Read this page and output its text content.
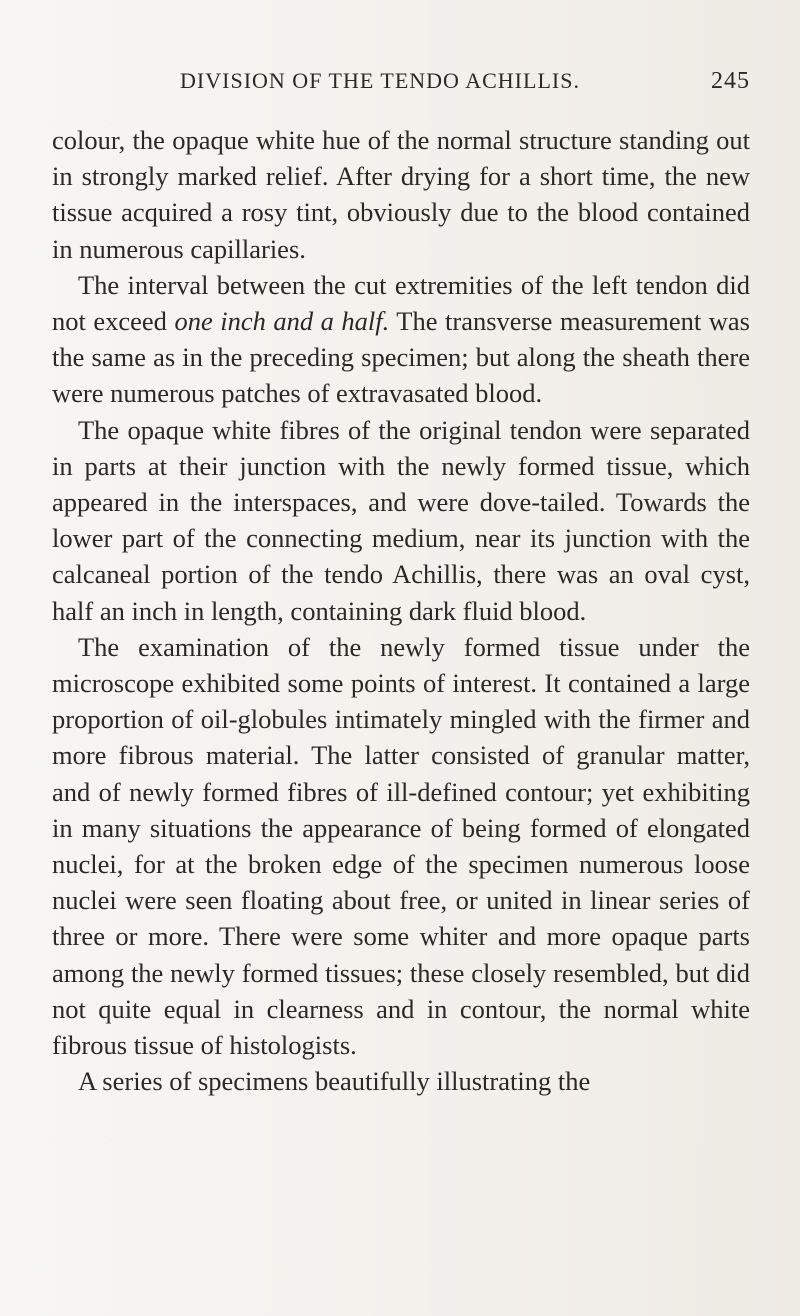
DIVISION OF THE TENDO ACHILLIS.	245

colour, the opaque white hue of the normal structure standing out in strongly marked relief. After drying for a short time, the new tissue acquired a rosy tint, obviously due to the blood contained in numerous capillaries.

The interval between the cut extremities of the left tendon did not exceed one inch and a half. The transverse measurement was the same as in the preceding specimen; but along the sheath there were numerous patches of extravasated blood.

The opaque white fibres of the original tendon were separated in parts at their junction with the newly formed tissue, which appeared in the interspaces, and were dove-tailed. Towards the lower part of the connecting medium, near its junction with the calcaneal portion of the tendo Achillis, there was an oval cyst, half an inch in length, containing dark fluid blood.

The examination of the newly formed tissue under the microscope exhibited some points of interest. It contained a large proportion of oil-globules intimately mingled with the firmer and more fibrous material. The latter consisted of granular matter, and of newly formed fibres of ill-defined contour; yet exhibiting in many situations the appearance of being formed of elongated nuclei, for at the broken edge of the specimen numerous loose nuclei were seen floating about free, or united in linear series of three or more. There were some whiter and more opaque parts among the newly formed tissues; these closely resembled, but did not quite equal in clearness and in contour, the normal white fibrous tissue of histologists.

A series of specimens beautifully illustrating the
